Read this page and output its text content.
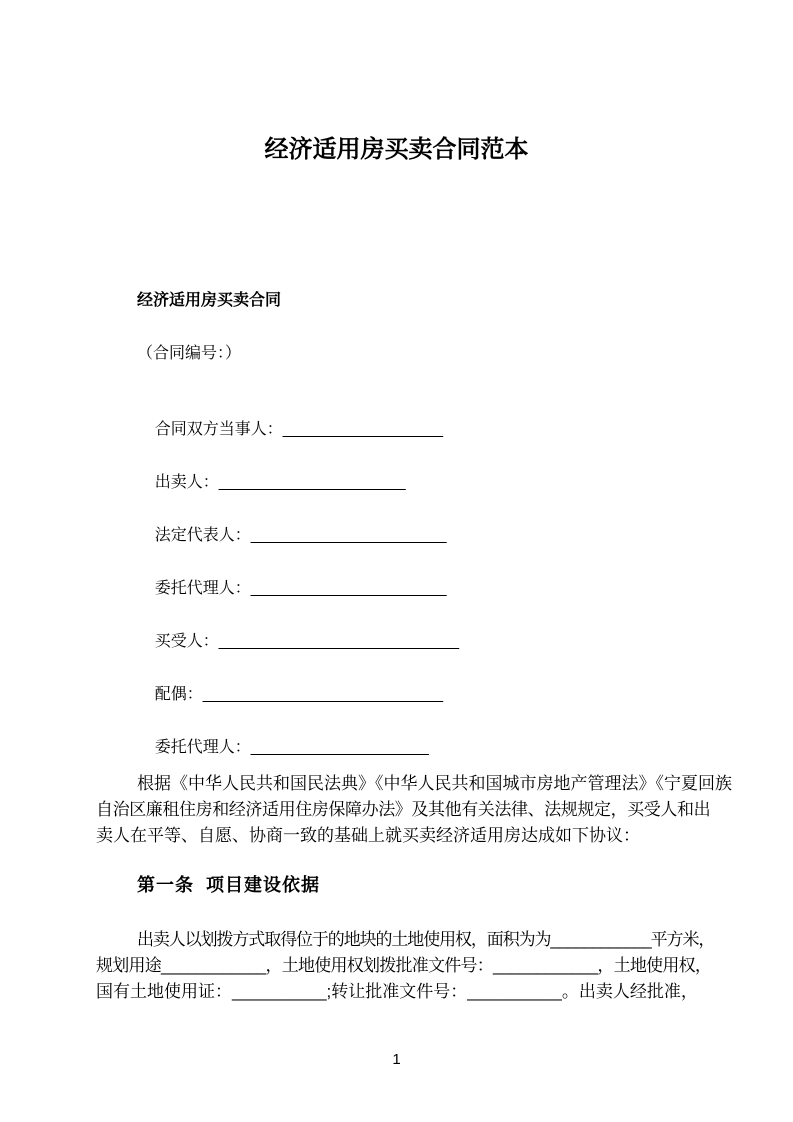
经济适用房买卖合同范本
经济适用房买卖合同
（合同编号：）

合同双方当事人：__________________

出卖人：_____________________

法定代表人：______________________

委托代理人：______________________

买受人：___________________________

配偶：___________________________

委托代理人：____________________

根据《中华人民共和国民法典》《中华人民共和国城市房地产管理法》《宁夏回族
自治区廉租住房和经济适用住房保障办法》及其他有关法律、法规规定，买受人和出
卖人在平等、自愿、协商一致的基础上就买卖经济适用房达成如下协议：
第一条  项目建设依据
出卖人以划拨方式取得位于的地块的土地使用权，面积为为____________平方米，
规划用途____________，土地使用权划拨批准文件号：____________，土地使用权，
国有土地使用证：__________;转让批准文件号：__________。出卖人经批准，
1
